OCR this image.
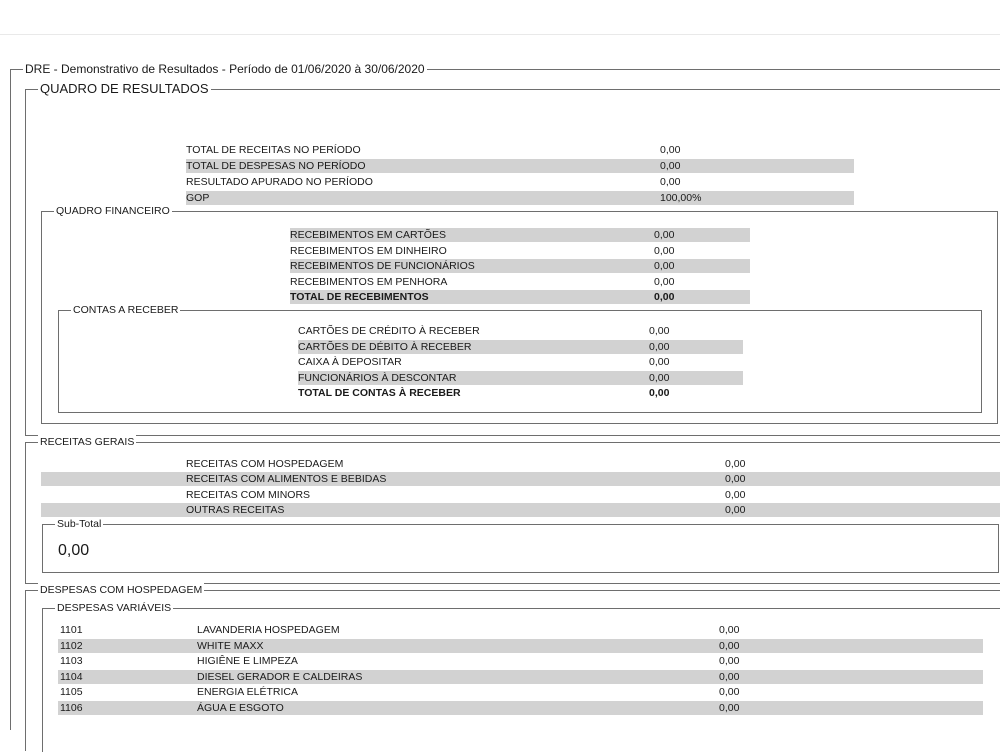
DRE - Demonstrativo de Resultados - Período de 01/06/2020 à 30/06/2020
QUADRO DE RESULTADOS
TOTAL DE RECEITAS NO PERÍODO	0,00
TOTAL DE DESPESAS NO PERÍODO	0,00
RESULTADO APURADO NO PERÍODO	0,00
GOP	100,00%
QUADRO FINANCEIRO
RECEBIMENTOS EM CARTÕES	0,00
RECEBIMENTOS EM DINHEIRO	0,00
RECEBIMENTOS DE FUNCIONÁRIOS	0,00
RECEBIMENTOS EM PENHORA	0,00
TOTAL DE RECEBIMENTOS	0,00
CONTAS A RECEBER
CARTÕES DE CRÉDITO À RECEBER	0,00
CARTÕES DE DÉBITO À RECEBER	0,00
CAIXA À DEPOSITAR	0,00
FUNCIONÁRIOS À DESCONTAR	0,00
TOTAL DE CONTAS À RECEBER	0,00
RECEITAS GERAIS
RECEITAS COM HOSPEDAGEM	0,00
RECEITAS COM ALIMENTOS E BEBIDAS	0,00
RECEITAS COM MINORS	0,00
OUTRAS RECEITAS	0,00
Sub-Total
0,00
DESPESAS COM HOSPEDAGEM
DESPESAS VARIÁVEIS
1101	LAVANDERIA HOSPEDAGEM	0,00
1102	WHITE MAXX	0,00
1103	HIGIÊNE E LIMPEZA	0,00
1104	DIESEL GERADOR E CALDEIRAS	0,00
1105	ENERGIA ELÉTRICA	0,00
1106	ÁGUA E ESGOTO	0,00
